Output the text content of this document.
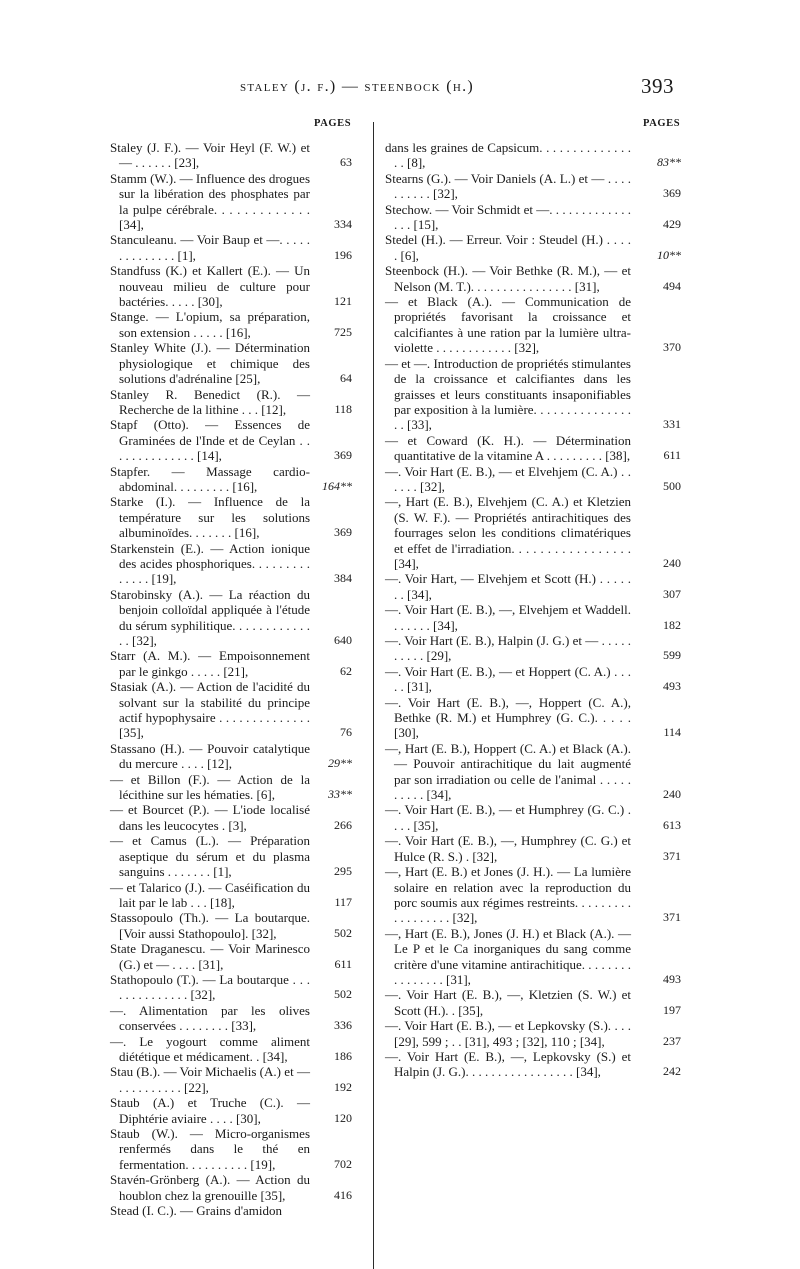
staley (j. f.) — steenbock (h.)	393
PAGES
Staley (J. F.). — Voir Heyl (F. W.) et — . . . . . . [23],	63
Stamm (W.). — Influence des drogues sur la libération des phosphates par la pulpe cérébrale. . . . . . . . . . . . . [34],	334
Stanculeanu. — Voir Baup et —. . . . . . . . . . . . . . [1],	196
Standfuss (K.) et Kallert (E.). — Un nouveau milieu de culture pour bactéries. . . . . [30],	121
Stange. — L'opium, sa préparation, son extension . . . . . [16],	725
Stanley White (J.). — Détermination physiologique et chimique des solutions d'adrénaline [25],	64
Stanley R. Benedict (R.). — Recherche de la lithine . . . [12],	118
Stapf (Otto). — Essences de Graminées de l'Inde et de Ceylan . . . . . . . . . . . . . . [14],	369
Stapfer. — Massage cardio-abdominal. . . . . . . . . [16],	164**
Starke (I.). — Influence de la température sur les solutions albuminoïdes. . . . . . . [16],	369
Starkenstein (E.). — Action ionique des acides phosphoriques. . . . . . . . . . . . . . [19],	384
Starobinsky (A.). — La réaction du benjoin colloïdal appliquée à l'étude du sérum syphilitique. . . . . . . . . . . . . . [32],	640
Starr (A. M.). — Empoisonnement par le ginkgo . . . . . [21],	62
Stasiak (A.). — Action de l'acidité du solvant sur la stabilité du principe actif hypophysaire . . . . . . . . . . . . . . [35],	76
Stassano (H.). — Pouvoir catalytique du mercure . . . . [12],	29**
— et Billon (F.). — Action de la lécithine sur les hématies. [6],	33**
— et Bourcet (P.). — L'iode localisé dans les leucocytes . [3],	266
— et Camus (L.). — Préparation aseptique du sérum et du plasma sanguins . . . . . . . [1],	295
— et Talarico (J.). — Caséification du lait par le lab . . . [18],	117
Stassopoulo (Th.). — La boutarque. [Voir aussi Stathopoulo]. [32],	502
State Draganescu. — Voir Marinesco (G.) et — . . . . [31],	611
Stathopoulo (T.). — La boutarque . . . . . . . . . . . . . . [32],	502
—. Alimentation par les olives conservées . . . . . . . . [33],	336
—. Le yogourt comme aliment diététique et médicament. . [34],	186
Stau (B.). — Voir Michaelis (A.) et — . . . . . . . . . . [22],	192
Staub (A.) et Truche (C.). — Diphtérie aviaire . . . . [30],	120
Staub (W.). — Micro-organismes renfermés dans le thé en fermentation. . . . . . . . . . [19],	702
Stavén-Grönberg (A.). — Action du houblon chez la grenouille [35],	416
Stead (I. C.). — Grains d'amidon
PAGES
dans les graines de Capsicum. . . . . . . . . . . . . . . . [8],	83**
Stearns (G.). — Voir Daniels (A. L.) et — . . . . . . . . . . [32],	369
Stechow. — Voir Schmidt et —. . . . . . . . . . . . . . . . [15],	429
Stedel (H.). — Erreur. Voir : Steudel (H.) . . . . . [6],	10**
Steenbock (H.). — Voir Bethke (R. M.), — et Nelson (M. T.). . . . . . . . . . . . . . . . [31],	494
— et Black (A.). — Communication de propriétés favorisant la croissance et calcifiantes à une ration par la lumière ultra-violette . . . . . . . . . . . . [32],	370
— et —. Introduction de propriétés stimulantes de la croissance et calcifiantes dans les graisses et leurs constituants insaponifiables par exposition à la lumière. . . . . . . . . . . . . . . . . [33],	331
— et Coward (K. H.). — Détermination quantitative de la vitamine A . . . . . . . . . [38],	611
—. Voir Hart (E. B.), — et Elvehjem (C. A.) . . . . . . [32],	500
—, Hart (E. B.), Elvehjem (C. A.) et Kletzien (S. W. F.). — Propriétés antirachitiques des fourrages selon les conditions climatériques et effet de l'irradiation. . . . . . . . . . . . . . . . . [34],	240
—. Voir Hart, — Elvehjem et Scott (H.) . . . . . . . [34],	307
—. Voir Hart (E. B.), —, Elvehjem et Waddell. . . . . . . [34],	182
—. Voir Hart (E. B.), Halpin (J. G.) et — . . . . . . . . . . [29],	599
—. Voir Hart (E. B.), — et Hoppert (C. A.) . . . . . [31],	493
—. Voir Hart (E. B.), —, Hoppert (C. A.), Bethke (R. M.) et Humphrey (G. C.). . . . . [30],	114
—, Hart (E. B.), Hoppert (C. A.) et Black (A.). — Pouvoir antirachitique du lait augmenté par son irradiation ou celle de l'animal . . . . . . . . . . [34],	240
—. Voir Hart (E. B.), — et Humphrey (G. C.) . . . . [35],	613
—. Voir Hart (E. B.), —, Humphrey (C. G.) et Hulce (R. S.) . [32],	371
—, Hart (E. B.) et Jones (J. H.). — La lumière solaire en relation avec la reproduction du porc soumis aux régimes restreints. . . . . . . . . . . . . . . . . . [32],	371
—, Hart (E. B.), Jones (J. H.) et Black (A.). — Le P et le Ca inorganiques du sang comme critère d'une vitamine antirachitique. . . . . . . . . . . . . . . . [31],	493
—. Voir Hart (E. B.), —, Kletzien (S. W.) et Scott (H.). . [35],	197
—. Voir Hart (E. B.), — et Lepkovsky (S.). . . . [29], 599 ; . . [31], 493 ; [32], 110 ; [34],	237
—. Voir Hart (E. B.), —, Lepkovsky (S.) et Halpin (J. G.). . . . . . . . . . . . . . . . . [34],	242
